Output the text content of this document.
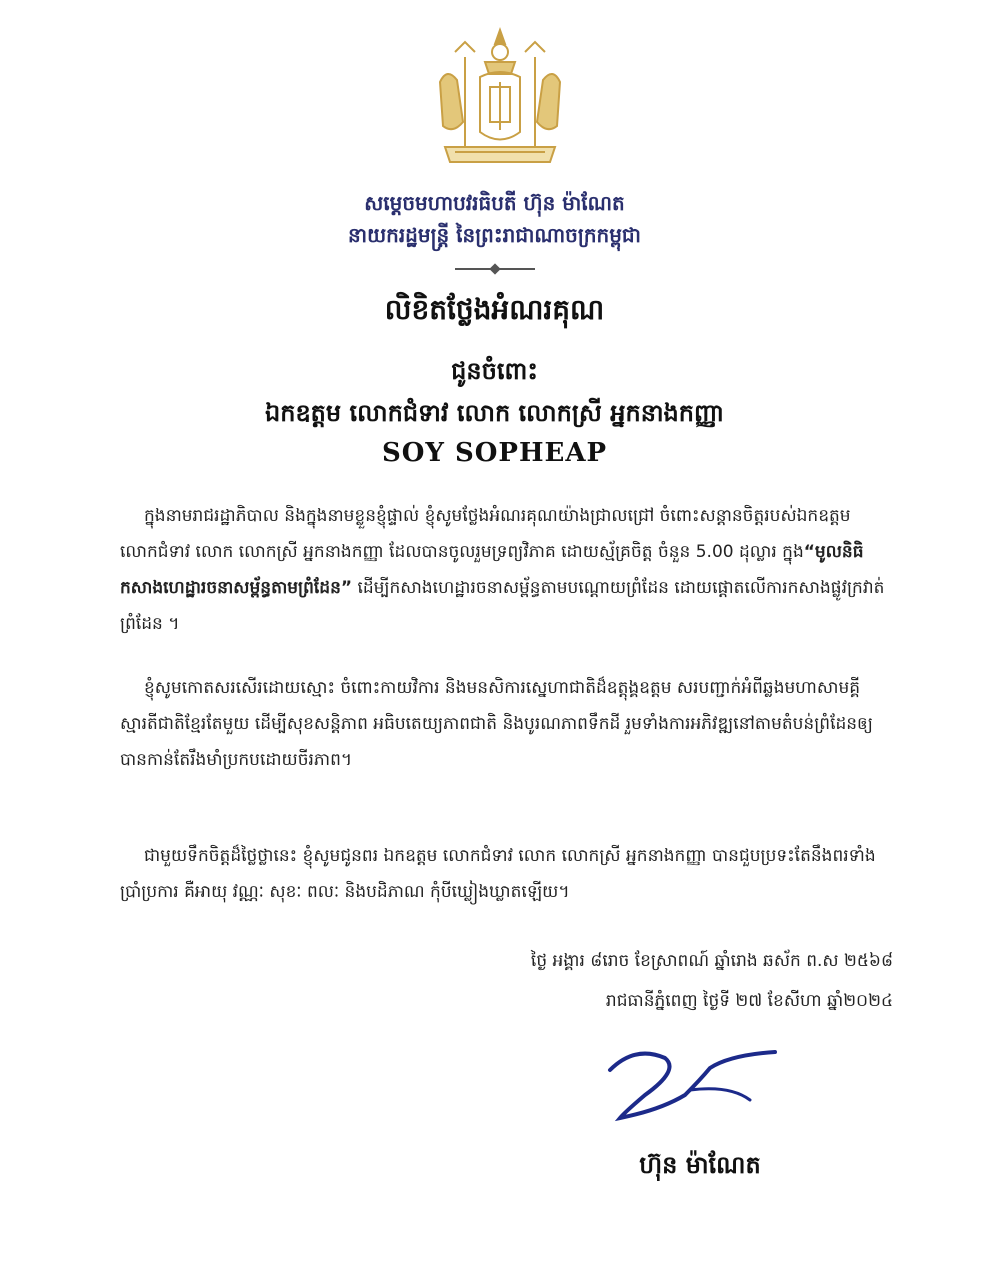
សម្តេចមហាបវរធិបតី ហ៊ុន ម៉ាណែត
នាយករដ្ឋមន្ត្រី នៃព្រះរាជាណាចក្រកម្ពុជា
លិខិតថ្លែងអំណរគុណ
ជូនចំពោះ
ឯកឧត្តម លោកជំទាវ លោក លោកស្រី អ្នកនាងកញ្ញា
SOY SOPHEAP
ក្នុងនាមរាជរដ្ឋាភិបាល និងក្នុងនាមខ្លួនខ្ញុំផ្ទាល់ ខ្ញុំសូមថ្លែងអំណរគុណយ៉ាងជ្រាលជ្រៅ ចំពោះសន្តានចិត្តរបស់ឯកឧត្តម លោកជំទាវ លោក លោកស្រី អ្នកនាងកញ្ញា ដែលបានចូលរួមទ្រព្យវិភាគ ដោយស្ម័គ្រចិត្ត ចំនួន 5.00 ដុល្លារ ក្នុង“មូលនិធិកសាងហេដ្ឋារចនាសម្ព័ន្ធតាមព្រំដែន” ដើម្បីកសាងហេដ្ឋារចនាសម្ព័ន្ធតាមបណ្តោយព្រំដែន ដោយផ្តោតលើការកសាងផ្លូវក្រវាត់ព្រំដែន ។
ខ្ញុំសូមកោតសរសើរដោយស្មោះ ចំពោះកាយវិការ និងមនសិការស្នេហាជាតិដ៏ឧត្តុង្គឧត្តម សរបញ្ជាក់អំពីឆ្លងមហាសាមគ្គី ស្មារតីជាតិខ្មែរតែមួយ ដើម្បីសុខសន្តិភាព អធិបតេយ្យភាពជាតិ និងបូរណភាពទឹកដី រួមទាំងការអភិវឌ្ឍនៅតាមតំបន់ព្រំដែនឲ្យបានកាន់តែរឹងមាំប្រកបដោយចីរភាព។
ជាមួយទឹកចិត្តដ៏ថ្លៃថ្លានេះ ខ្ញុំសូមជូនពរ ឯកឧត្តម លោកជំទាវ លោក លោកស្រី អ្នកនាងកញ្ញា បានជួបប្រទះតែនឹងពរទាំងប្រាំប្រការ គឺអាយុ វណ្ណៈ សុខៈ ពលៈ និងបដិភាណ កុំបីឃ្លៀងឃ្លាតឡើយ។
ថ្ងៃ អង្គារ ៨រោច ខែស្រាពណ៍ ឆ្នាំរោង ឆស័ក ព.ស ២៥៦៨
រាជធានីភ្នំពេញ ថ្ងៃទី ២៧ ខែសីហា ឆ្នាំ២០២៤
ហ៊ុន ម៉ាណែត
